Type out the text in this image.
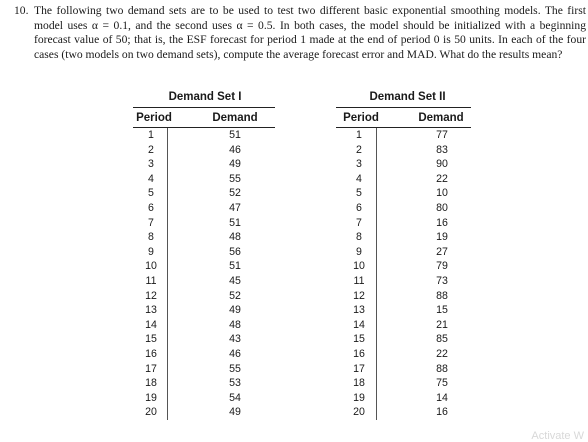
10. The following two demand sets are to be used to test two different basic exponential smoothing models. The first model uses α = 0.1, and the second uses α = 0.5. In both cases, the model should be initialized with a beginning forecast value of 50; that is, the ESF forecast for period 1 made at the end of period 0 is 50 units. In each of the four cases (two models on two demand sets), compute the average forecast error and MAD. What do the results mean?
Demand Set I
Period	Demand
Demand Set II
Period	Demand
1
2
3
4
5
6
7
8
9
10
11
12
13
14
15
16
17
18
19
20
51
46
49
55
52
47
51
48
56
51
45
52
49
48
43
46
55
53
54
49
1
2
3
4
5
6
7
8
9
10
11
12
13
14
15
16
17
18
19
20
77
83
90
22
10
80
16
19
27
79
73
88
15
21
85
22
88
75
14
16
Activate W
